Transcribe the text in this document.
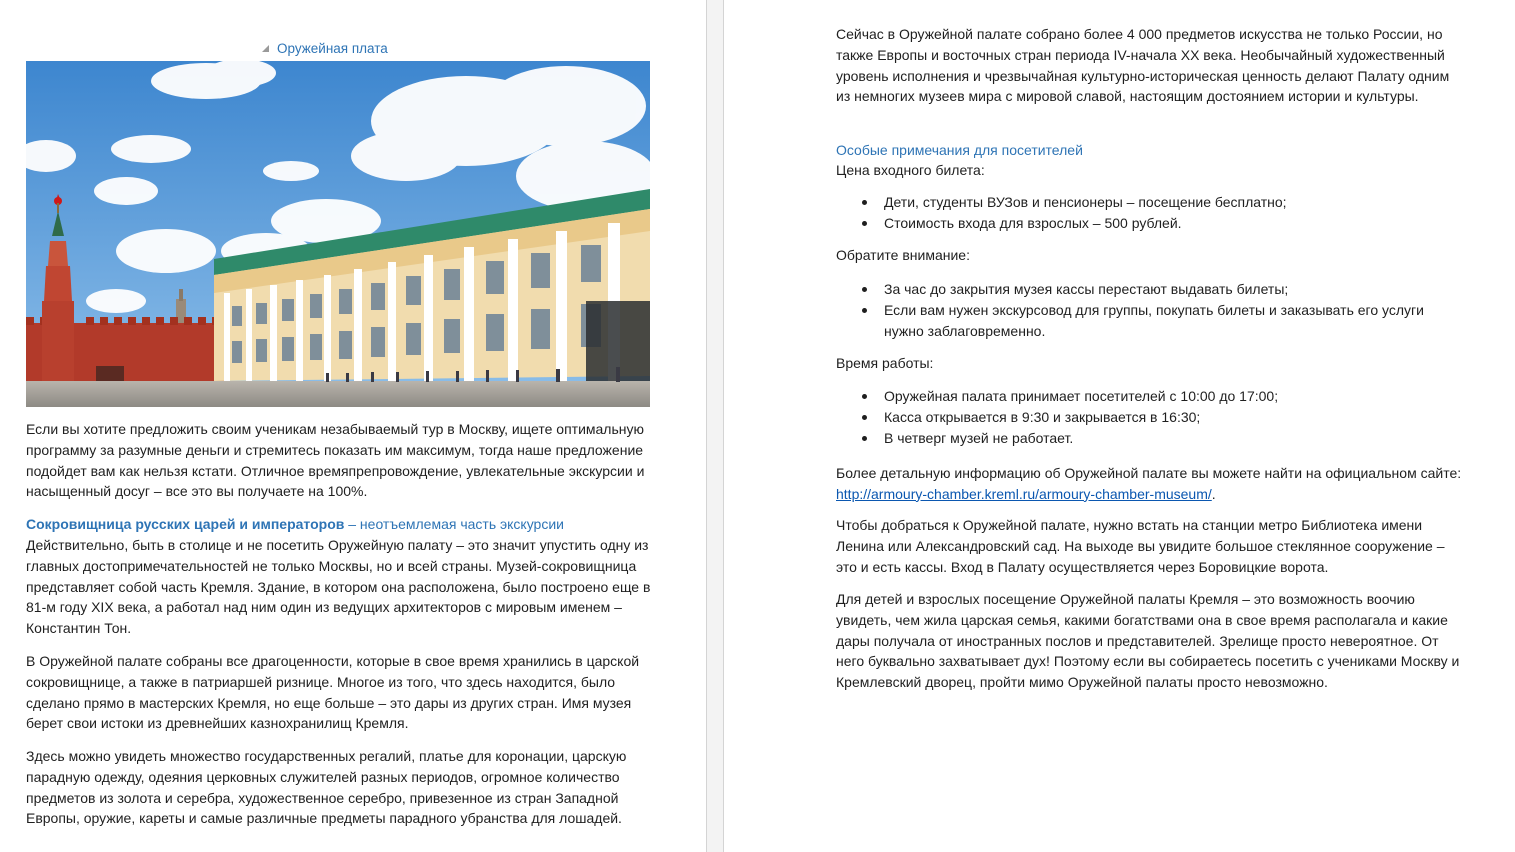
Оружейная плата

Если вы хотите предложить своим ученикам незабываемый тур в Москву, ищете оптимальную программу за разумные деньги и стремитесь показать им максимум, тогда наше предложение подойдет вам как нельзя кстати. Отличное времяпрепровождение, увлекательные экскурсии и насыщенный досуг – все это вы получаете на 100%.

Сокровищница русских царей и императоров – неотъемлемая часть экскурсии

Действительно, быть в столице и не посетить Оружейную палату – это значит упустить одну из главных достопримечательностей не только Москвы, но и всей страны. Музей-сокровищница представляет собой часть Кремля. Здание, в котором она расположена, было построено еще в 81-м году XIX века, а работал над ним один из ведущих архитекторов с мировым именем – Константин Тон.

В Оружейной палате собраны все драгоценности, которые в свое время хранились в царской сокровищнице, а также в патриаршей ризнице. Многое из того, что здесь находится, было сделано прямо в мастерских Кремля, но еще больше – это дары из других стран. Имя музея берет свои истоки из древнейших казнохранилищ Кремля.

Здесь можно увидеть множество государственных регалий, платье для коронации, царскую парадную одежду, одеяния церковных служителей разных периодов, огромное количество предметов из золота и серебра, художественное серебро, привезенное из стран Западной Европы, оружие, кареты и самые различные предметы парадного убранства для лошадей.

Сейчас в Оружейной палате собрано более 4 000 предметов искусства не только России, но также Европы и восточных стран периода IV-начала XX века. Необычайный художественный уровень исполнения и чрезвычайная культурно-историческая ценность делают Палату одним из немногих музеев мира с мировой славой, настоящим достоянием истории и культуры.

Особые примечания для посетителей

Цена входного билета:

Дети, студенты ВУЗов и пенсионеры – посещение бесплатно;
Стоимость входа для взрослых – 500 рублей.

Обратите внимание:

За час до закрытия музея кассы перестают выдавать билеты;
Если вам нужен экскурсовод для группы, покупать билеты и заказывать его услуги нужно заблаговременно.

Время работы:

Оружейная палата принимает посетителей с 10:00 до 17:00;
Касса открывается в 9:30 и закрывается в 16:30;
В четверг музей не работает.

Более детальную информацию об Оружейной палате вы можете найти на официальном сайте: http://armoury-chamber.kreml.ru/armoury-chamber-museum/.

Чтобы добраться к Оружейной палате, нужно встать на станции метро Библиотека имени Ленина или Александровский сад. На выходе вы увидите большое стеклянное сооружение – это и есть кассы. Вход в Палату осуществляется через Боровицкие ворота.

Для детей и взрослых посещение Оружейной палаты Кремля – это возможность воочию увидеть, чем жила царская семья, какими богатствами она в свое время располагала и какие дары получала от иностранных послов и представителей. Зрелище просто невероятное. От него буквально захватывает дух! Поэтому если вы собираетесь посетить с учениками Москву и Кремлевский дворец, пройти мимо Оружейной палаты просто невозможно.
